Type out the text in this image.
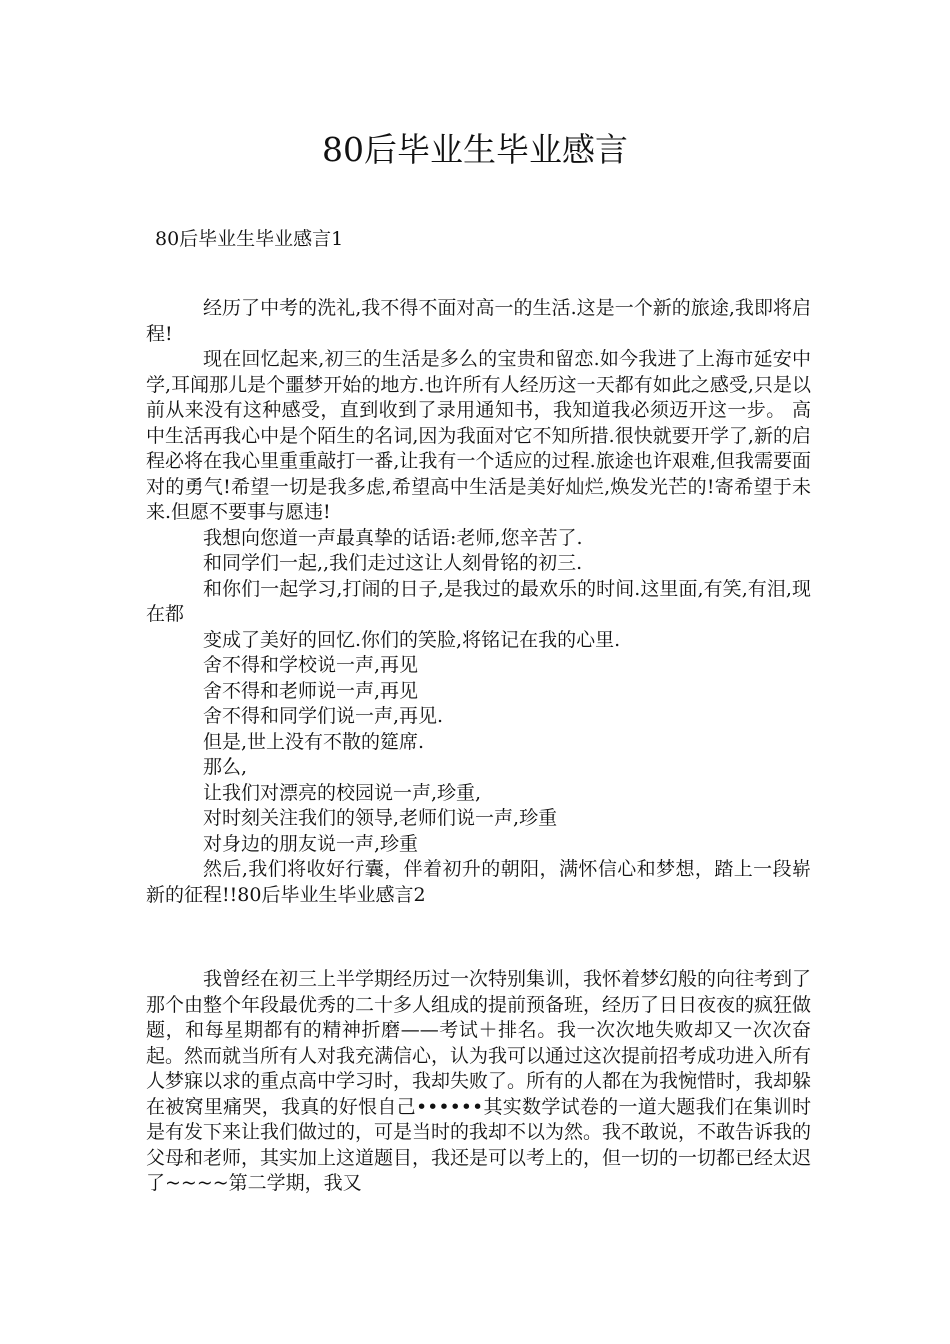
80后毕业生毕业感言
80后毕业生毕业感言1

经历了中考的洗礼,我不得不面对高一的生活.这是一个新的旅途,我即将启程!

现在回忆起来,初三的生活是多么的宝贵和留恋.如今我进了上海市延安中学,耳闻那儿是个噩梦开始的地方.也许所有人经历这一天都有如此之感受,只是以前从来没有这种感受，直到收到了录用通知书，我知道我必须迈开这一步。 高中生活再我心中是个陌生的名词,因为我面对它不知所措.很快就要开学了,新的启程必将在我心里重重敲打一番,让我有一个适应的过程.旅途也许艰难,但我需要面对的勇气!希望一切是我多虑,希望高中生活是美好灿烂,焕发光芒的!寄希望于未来.但愿不要事与愿违!

我想向您道一声最真挚的话语:老师,您辛苦了.

和同学们一起,,我们走过这让人刻骨铭的初三.

和你们一起学习,打闹的日子,是我过的最欢乐的时间.这里面,有笑,有泪,现在都

变成了美好的回忆.你们的笑脸,将铭记在我的心里.

舍不得和学校说一声,再见

舍不得和老师说一声,再见

舍不得和同学们说一声,再见.

但是,世上没有不散的筵席.

那么,

让我们对漂亮的校园说一声,珍重,

对时刻关注我们的领导,老师们说一声,珍重

对身边的朋友说一声,珍重

然后,我们将收好行囊，伴着初升的朝阳，满怀信心和梦想，踏上一段崭新的征程!!80后毕业生毕业感言2

我曾经在初三上半学期经历过一次特别集训，我怀着梦幻般的向往考到了那个由整个年段最优秀的二十多人组成的提前预备班，经历了日日夜夜的疯狂做题，和每星期都有的精神折磨——考试＋排名。我一次次地失败却又一次次奋起。然而就当所有人对我充满信心，认为我可以通过这次提前招考成功进入所有人梦寐以求的重点高中学习时，我却失败了。所有的人都在为我惋惜时，我却躲在被窝里痛哭，我真的好恨自己••••••其实数学试卷的一道大题我们在集训时是有发下来让我们做过的，可是当时的我却不以为然。我不敢说，不敢告诉我的父母和老师，其实加上这道题目，我还是可以考上的，但一切的一切都已经太迟了~~~~第二学期，我又
